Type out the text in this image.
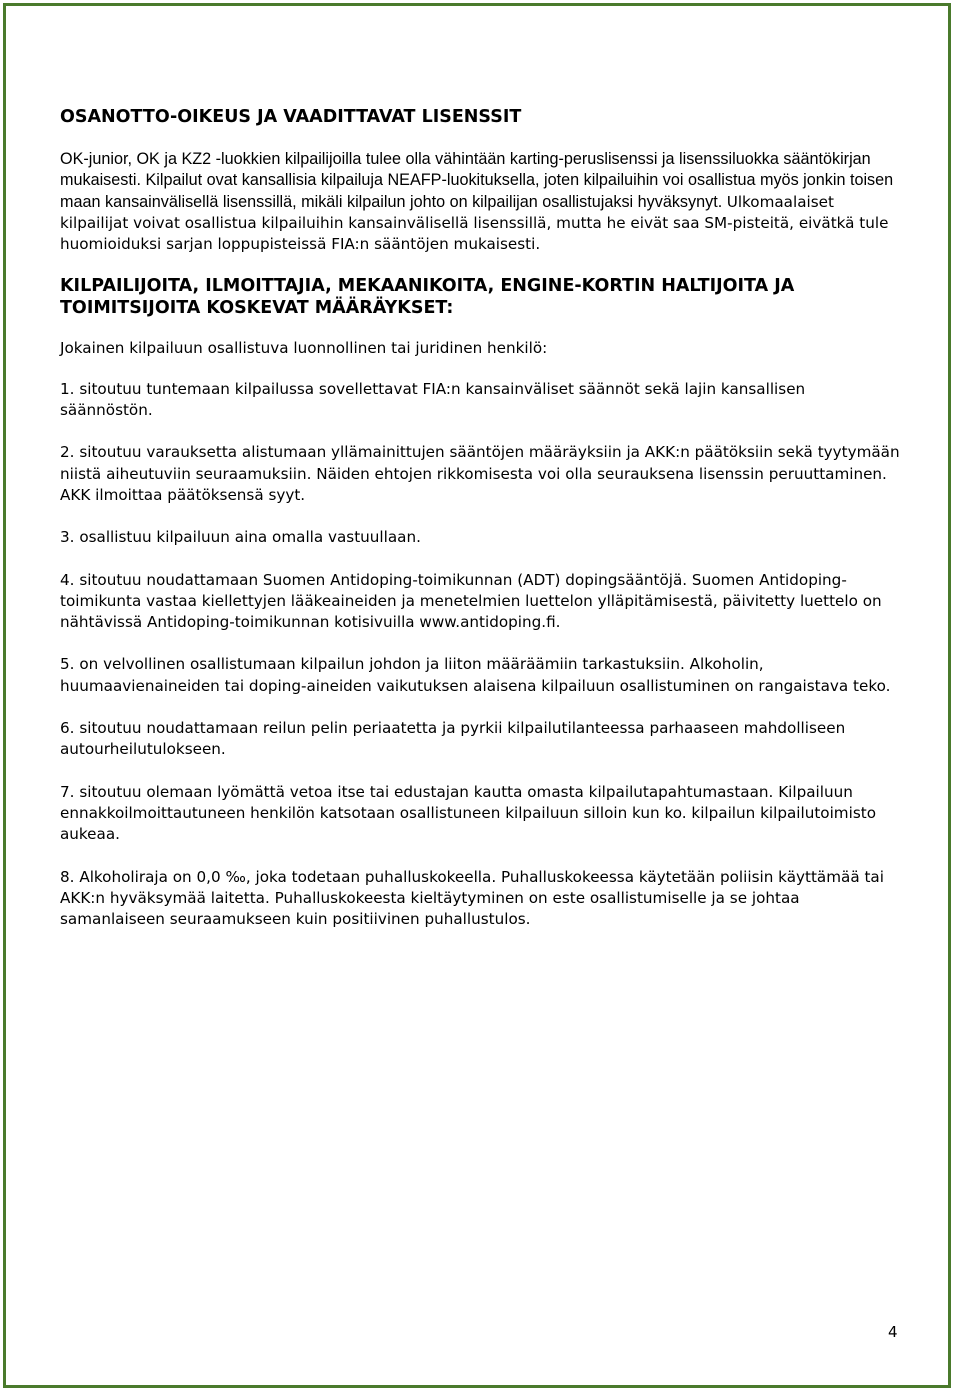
OSANOTTO-OIKEUS JA VAADITTAVAT LISENSSIT

OK-junior, OK ja KZ2 -luokkien kilpailijoilla tulee olla vähintään karting-peruslisenssi ja lisenssiluokka sääntökirjan mukaisesti. Kilpailut ovat kansallisia kilpailuja NEAFP-luokituksella, joten kilpailuihin voi osallistua myös jonkin toisen maan kansainvälisellä lisenssillä, mikäli kilpailun johto on kilpailijan osallistujaksi hyväksynyt. Ulkomaalaiset kilpailijat voivat osallistua kilpailuihin kansainvälisellä lisenssillä, mutta he eivät saa SM-pisteitä, eivätkä tule huomioiduksi sarjan loppupisteissä FIA:n sääntöjen mukaisesti.

KILPAILIJOITA, ILMOITTAJIA, MEKAANIKOITA, ENGINE-KORTIN HALTIJOITA JA TOIMITSIJOITA KOSKEVAT MÄÄRÄYKSET:

Jokainen kilpailuun osallistuva luonnollinen tai juridinen henkilö:

1. sitoutuu tuntemaan kilpailussa sovellettavat FIA:n kansainväliset säännöt sekä lajin kansallisen säännöstön.

2. sitoutuu varauksetta alistumaan yllämainittujen sääntöjen määräyksiin ja AKK:n päätöksiin sekä tyytymään niistä aiheutuviin seuraamuksiin. Näiden ehtojen rikkomisesta voi olla seurauksena lisenssin peruuttaminen. AKK ilmoittaa päätöksensä syyt.

3. osallistuu kilpailuun aina omalla vastuullaan.

4. sitoutuu noudattamaan Suomen Antidoping-toimikunnan (ADT) dopingsääntöjä. Suomen Antidoping-toimikunta vastaa kiellettyjen lääkeaineiden ja menetelmien luettelon ylläpitämisestä, päivitetty luettelo on nähtävissä Antidoping-toimikunnan kotisivuilla www.antidoping.fi.

5. on velvollinen osallistumaan kilpailun johdon ja liiton määräämiin tarkastuksiin. Alkoholin, huumaavienaineiden tai doping-aineiden vaikutuksen alaisena kilpailuun osallistuminen on rangaistava teko.

6. sitoutuu noudattamaan reilun pelin periaatetta ja pyrkii kilpailutilanteessa parhaaseen mahdolliseen autourheilutulokseen.

7. sitoutuu olemaan lyömättä vetoa itse tai edustajan kautta omasta kilpailutapahtumastaan. Kilpailuun ennakkoilmoittautuneen henkilön katsotaan osallistuneen kilpailuun silloin kun ko. kilpailun kilpailutoimisto aukeaa.

8. Alkoholiraja on 0,0 ‰, joka todetaan puhalluskokeella. Puhalluskokeessa käytetään poliisin käyttämää tai AKK:n hyväksymää laitetta. Puhalluskokeesta kieltäytyminen on este osallistumiselle ja se johtaa samanlaiseen seuraamukseen kuin positiivinen puhallustulos.

4
